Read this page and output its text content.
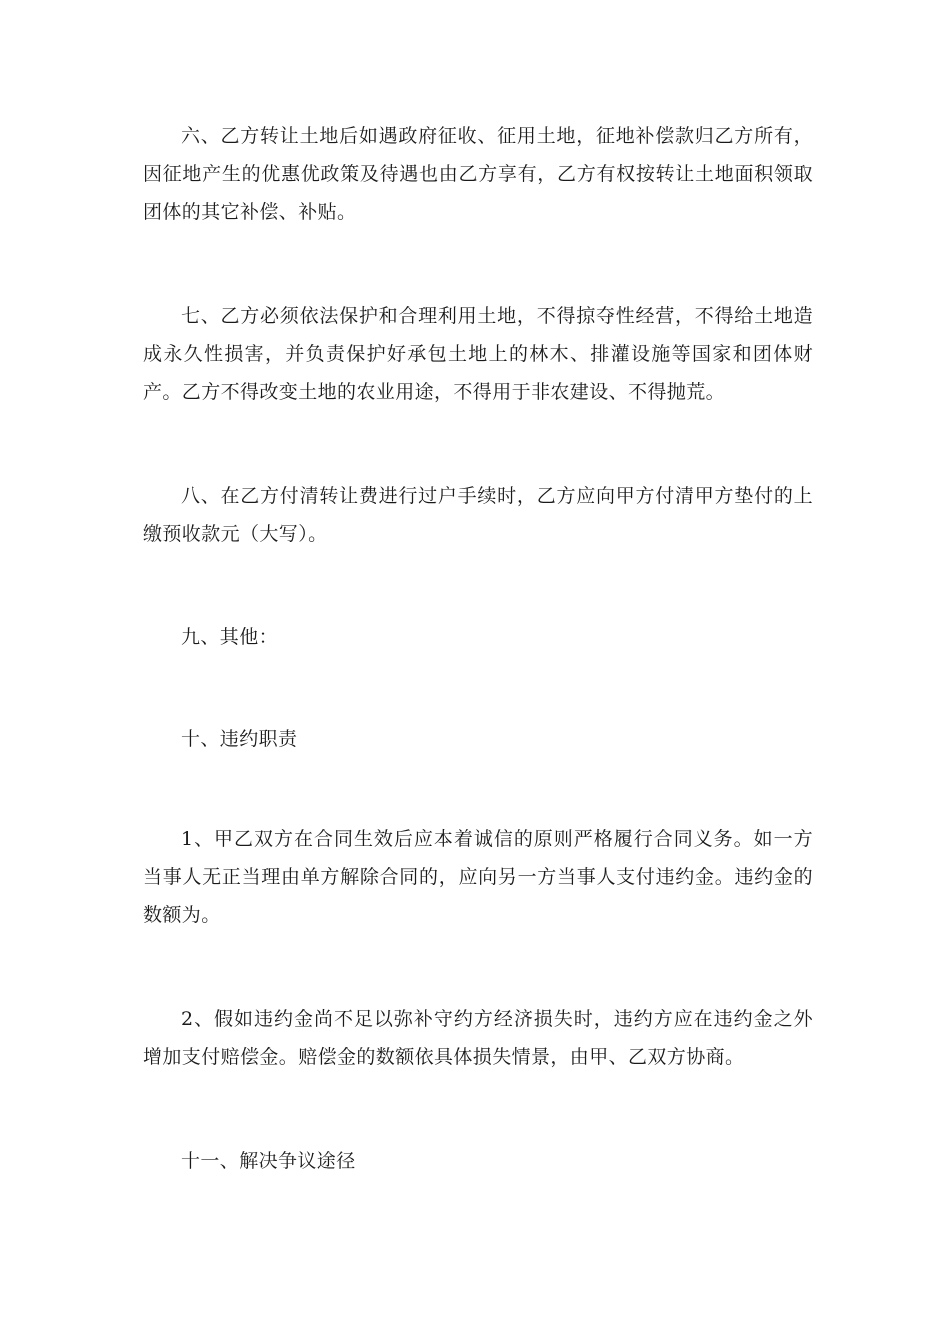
六、乙方转让土地后如遇政府征收、征用土地，征地补偿款归乙方所有，因征地产生的优惠优政策及待遇也由乙方享有，乙方有权按转让土地面积领取团体的其它补偿、补贴。

七、乙方必须依法保护和合理利用土地，不得掠夺性经营，不得给土地造成永久性损害，并负责保护好承包土地上的林木、排灌设施等国家和团体财产。乙方不得改变土地的农业用途，不得用于非农建设、不得抛荒。

八、在乙方付清转让费进行过户手续时，乙方应向甲方付清甲方垫付的上缴预收款元（大写）。

九、其他：

十、违约职责

1、甲乙双方在合同生效后应本着诚信的原则严格履行合同义务。如一方当事人无正当理由单方解除合同的，应向另一方当事人支付违约金。违约金的数额为。

2、假如违约金尚不足以弥补守约方经济损失时，违约方应在违约金之外增加支付赔偿金。赔偿金的数额依具体损失情景，由甲、乙双方协商。

十一、解决争议途径
